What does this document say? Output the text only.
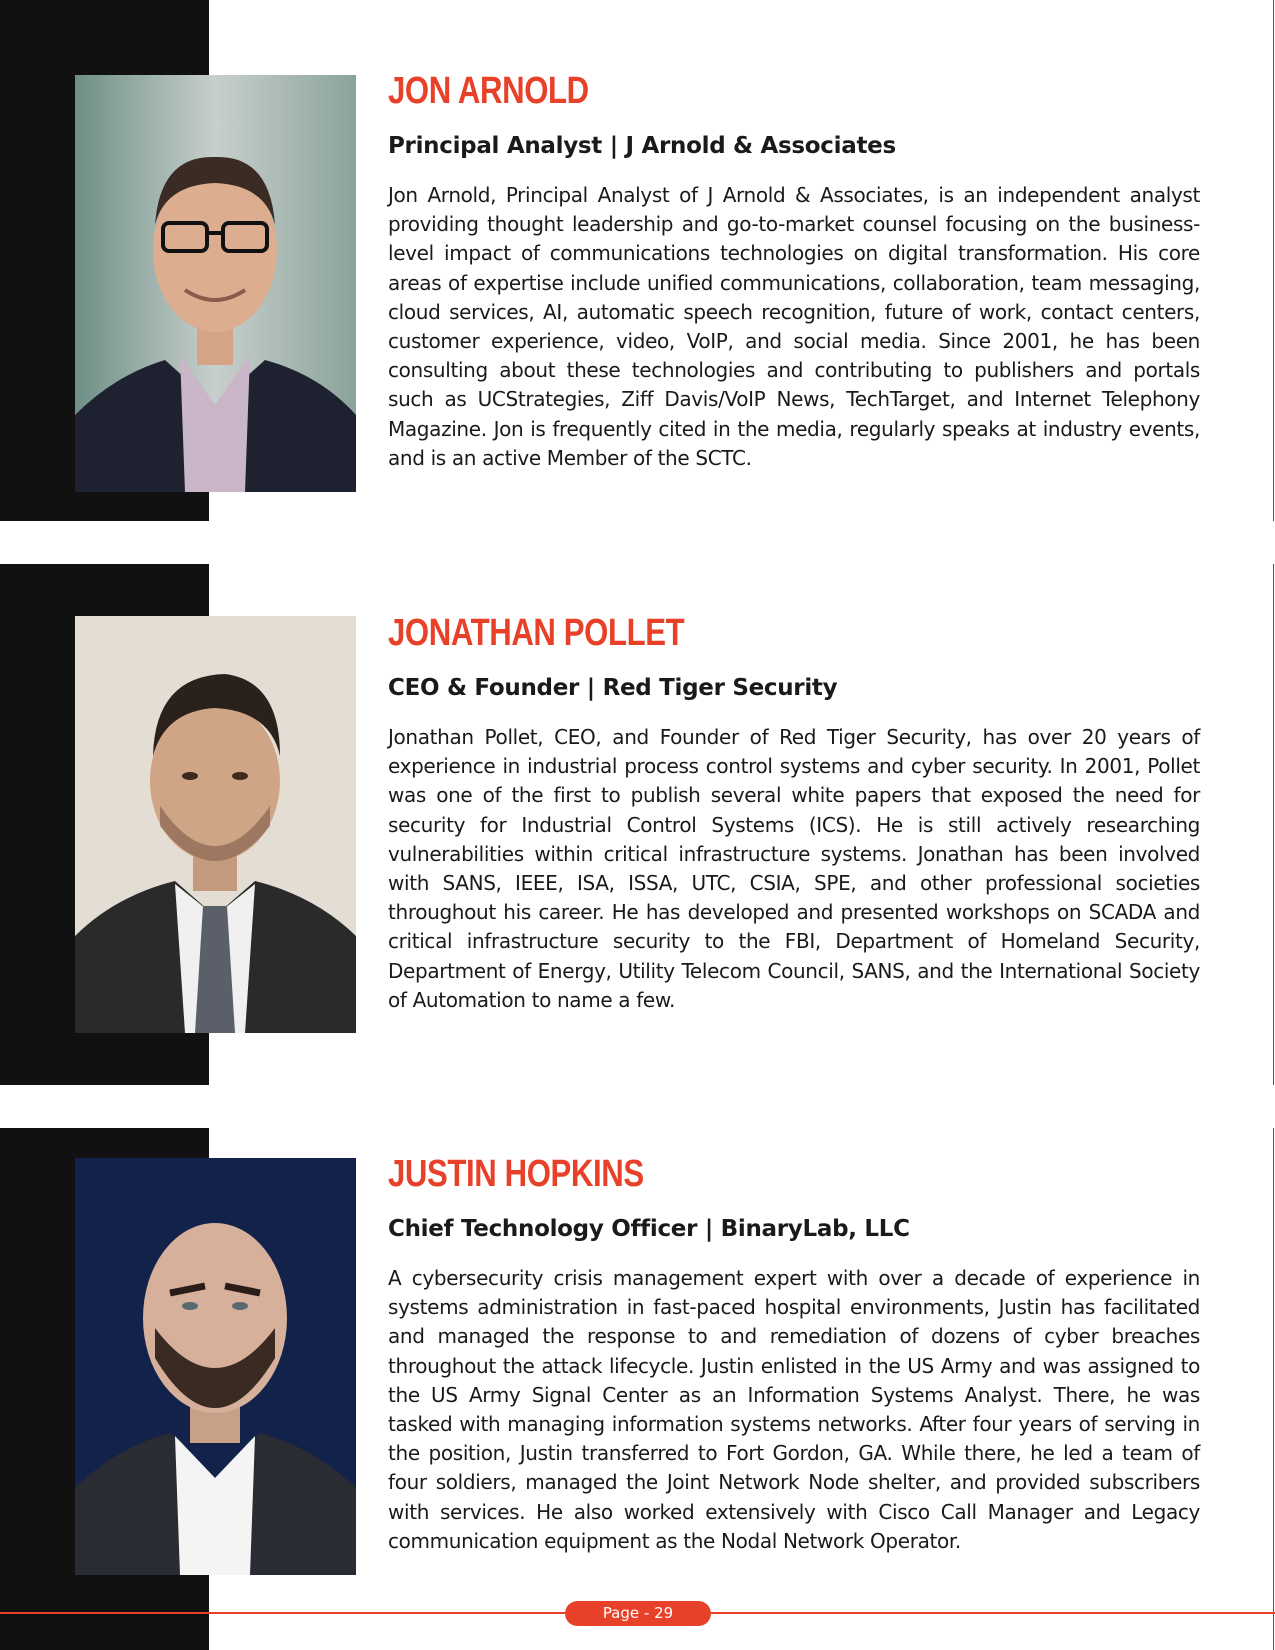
JON ARNOLD
Principal Analyst | J Arnold & Associates

Jon Arnold, Principal Analyst of J Arnold & Associates, is an independent analyst providing thought leadership and go-to-market counsel focusing on the business-level impact of communications technologies on digital transformation. His core areas of expertise include unified communications, collaboration, team messaging, cloud services, AI, automatic speech recognition, future of work, contact centers, customer experience, video, VoIP, and social media. Since 2001, he has been consulting about these technologies and contributing to publishers and portals such as UCStrategies, Ziff Davis/VoIP News, TechTarget, and Internet Telephony Magazine. Jon is frequently cited in the media, regularly speaks at industry events, and is an active Member of the SCTC.

JONATHAN POLLET
CEO & Founder | Red Tiger Security

Jonathan Pollet, CEO, and Founder of Red Tiger Security, has over 20 years of experience in industrial process control systems and cyber security. In 2001, Pollet was one of the first to publish several white papers that exposed the need for security for Industrial Control Systems (ICS). He is still actively researching vulnerabilities within critical infrastructure systems. Jonathan has been involved with SANS, IEEE, ISA, ISSA, UTC, CSIA, SPE, and other professional societies throughout his career. He has developed and presented workshops on SCADA and critical infrastructure security to the FBI, Department of Homeland Security, Department of Energy, Utility Telecom Council, SANS, and the International Society of Automation to name a few.

JUSTIN HOPKINS
Chief Technology Officer | BinaryLab, LLC

A cybersecurity crisis management expert with over a decade of experience in systems administration in fast-paced hospital environments, Justin has facilitated and managed the response to and remediation of dozens of cyber breaches throughout the attack lifecycle. Justin enlisted in the US Army and was assigned to the US Army Signal Center as an Information Systems Analyst. There, he was tasked with managing information systems networks. After four years of serving in the position, Justin transferred to Fort Gordon, GA. While there, he led a team of four soldiers, managed the Joint Network Node shelter, and provided subscribers with services. He also worked extensively with Cisco Call Manager and Legacy communication equipment as the Nodal Network Operator.

Page - 29
